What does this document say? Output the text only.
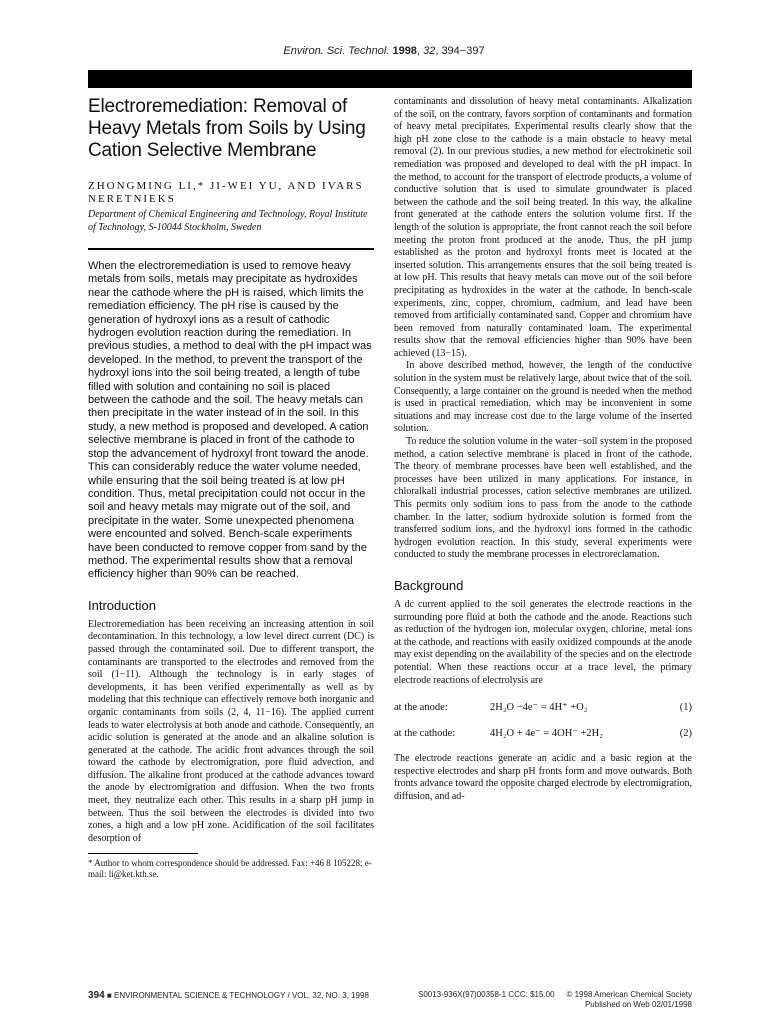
Environ. Sci. Technol. 1998, 32, 394−397
Electroremediation: Removal of Heavy Metals from Soils by Using Cation Selective Membrane
ZHONGMING LI,* JI-WEI YU, AND IVARS NERETNIEKS
Department of Chemical Engineering and Technology, Royal Institute of Technology, S-10044 Stockholm, Sweden

When the electroremediation is used to remove heavy metals from soils, metals may precipitate as hydroxides near the cathode where the pH is raised, which limits the remediation efficiency. The pH rise is caused by the generation of hydroxyl ions as a result of cathodic hydrogen evolution reaction during the remediation. In previous studies, a method to deal with the pH impact was developed. In the method, to prevent the transport of the hydroxyl ions into the soil being treated, a length of tube filled with solution and containing no soil is placed between the cathode and the soil. The heavy metals can then precipitate in the water instead of in the soil. In this study, a new method is proposed and developed. A cation selective membrane is placed in front of the cathode to stop the advancement of hydroxyl front toward the anode. This can considerably reduce the water volume needed, while ensuring that the soil being treated is at low pH condition. Thus, metal precipitation could not occur in the soil and heavy metals may migrate out of the soil, and precipitate in the water. Some unexpected phenomena were encounted and solved. Bench-scale experiments have been conducted to remove copper from sand by the method. The experimental results show that a removal efficiency higher than 90% can be reached.

Introduction

Electroremediation has been receiving an increasing attention in soil decontamination. In this technology, a low level direct current (DC) is passed through the contaminated soil. Due to different transport, the contaminants are transported to the electrodes and removed from the soil (1−11). Although the technology is in early stages of developments, it has been verified experimentally as well as by modeling that this technique can effectively remove both inorganic and organic contaminants from soils (2, 4, 11−16). The applied current leads to water electrolysis at both anode and cathode. Consequently, an acidic solution is generated at the anode and an alkaline solution is generated at the cathode. The acidic front advances through the soil toward the cathode by electromigration, pore fluid advection, and diffusion. The alkaline front produced at the cathode advances toward the anode by electromigration and diffusion. When the two fronts meet, they neutralize each other. This results in a sharp pH jump in between. Thus the soil between the electrodes is divided into two zones, a high and a low pH zone. Acidification of the soil facilitates desorption of

* Author to whom correspondence should be addressed. Fax: +46 8 105228; e-mail: li@ket.kth.se.

contaminants and dissolution of heavy metal contaminants. Alkalization of the soil, on the contrary, favors sorption of contaminants and formation of heavy metal precipitates. Experimental results clearly show that the high pH zone close to the cathode is a main obstacle to heavy metal removal (2). In our previous studies, a new method for electrokinetic soil remediation was proposed and developed to deal with the pH impact. In the method, to account for the transport of electrode products, a volume of conductive solution that is used to simulate groundwater is placed between the cathode and the soil being treated. In this way, the alkaline front generated at the cathode enters the solution volume first. If the length of the solution is appropriate, the front cannot reach the soil before meeting the proton front produced at the anode. Thus, the pH jump established as the proton and hydroxyl fronts meet is located at the inserted solution. This arrangements ensures that the soil being treated is at low pH. This results that heavy metals can move out of the soil before precipitating as hydroxides in the water at the cathode. In bench-scale experiments, zinc, copper, chromium, cadmium, and lead have been removed from artificially contaminated sand. Copper and chromium have been removed from naturally contaminated loam. The experimental results show that the removal efficiencies higher than 90% have been achieved (13−15).

In above described method, however, the length of the conductive solution in the system must be relatively large, about twice that of the soil. Consequently, a large container on the ground is needed when the method is used in practical remediation, which may be inconvenient in some situations and may increase cost due to the large volume of the inserted solution.

To reduce the solution volume in the water−soil system in the proposed method, a cation selective membrane is placed in front of the cathode. The theory of membrane processes have been well established, and the processes have been utilized in many applications. For instance, in chloralkali industrial processes, cation selective membranes are utilized. This permits only sodium ions to pass from the anode to the cathode chamber. In the latter, sodium hydroxide solution is formed from the transferred sodium ions, and the hydroxyl ions formed in the cathodic hydrogen evolution reaction. In this study, several experiments were conducted to study the membrane processes in electroreclamation.

Background

A dc current applied to the soil generates the electrode reactions in the surrounding pore fluid at both the cathode and the anode. Reactions such as reduction of the hydrogen ion, molecular oxygen, chlorine, metal ions at the cathode, and reactions with easily oxidized compounds at the anode may exist depending on the availability of the species and on the electrode potential. When these reactions occur at a trace level, the primary electrode reactions of electrolysis are

at the anode:	2H₂O −4e⁻ = 4H⁺ +O₂	(1)
at the cathode:	4H₂O + 4e⁻ = 4OH⁻ +2H₂	(2)

The electrode reactions generate an acidic and a basic region at the respective electrodes and sharp pH fronts form and move outwards. Both fronts advance toward the opposite charged electrode by electromigration, diffusion, and ad-

394 ■ ENVIRONMENTAL SCIENCE & TECHNOLOGY / VOL. 32, NO. 3, 1998	S0013-936X(97)00358-1 CCC: $15.00 © 1998 American Chemical Society
Published on Web 02/01/1998
